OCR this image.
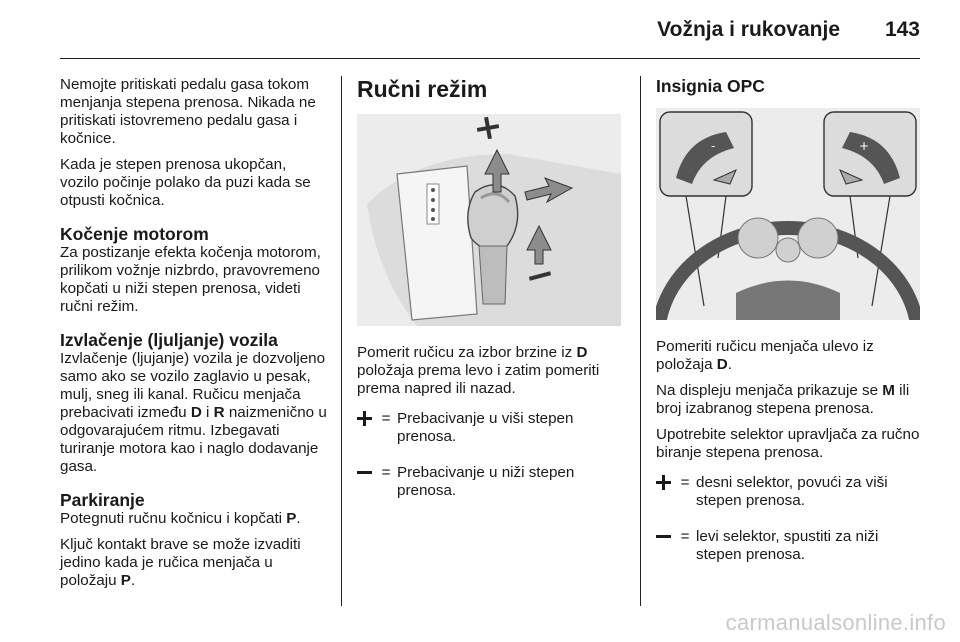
Vožnja i rukovanje 143

Nemojte pritiskati pedalu gasa tokom menjanja stepena prenosa. Nikada ne pritiskati istovremeno pedalu gasa i kočnice.

Kada je stepen prenosa ukopčan, vozilo počinje polako da puzi kada se otpusti kočnica.

Kočenje motorom

Za postizanje efekta kočenja motorom, prilikom vožnje nizbrdo, pravovremeno kopčati u niži stepen prenosa, videti ručni režim.

Izvlačenje (ljuljanje) vozila

Izvlačenje (ljujanje) vozila je dozvoljeno samo ako se vozilo zaglavio u pesak, mulj, sneg ili kanal. Ručicu menjača prebacivati između D i R naizmenično u odgovarajućem ritmu. Izbegavati turiranje motora kao i naglo dodavanje gasa.

Parkiranje

Potegnuti ručnu kočnicu i kopčati P.

Ključ kontakt brave se može izvaditi jedino kada je ručica menjača u položaju P.

Ručni režim

Pomerit ručicu za izbor brzine iz D položaja prema levo i zatim pomeriti prema napred ili nazad.

= Prebacivanje u viši stepen prenosa.
= Prebacivanje u niži stepen prenosa.
Insignia OPC
-	+

Pomeriti ručicu menjača ulevo iz položaja D.

Na displeju menjača prikazuje se M ili broj izabranog stepena prenosa.

Upotrebite selektor upravljača za ručno biranje stepena prenosa.

= desni selektor, povući za viši stepen prenosa.
= levi selektor, spustiti za niži stepen prenosa.
carmanualsonline.info
